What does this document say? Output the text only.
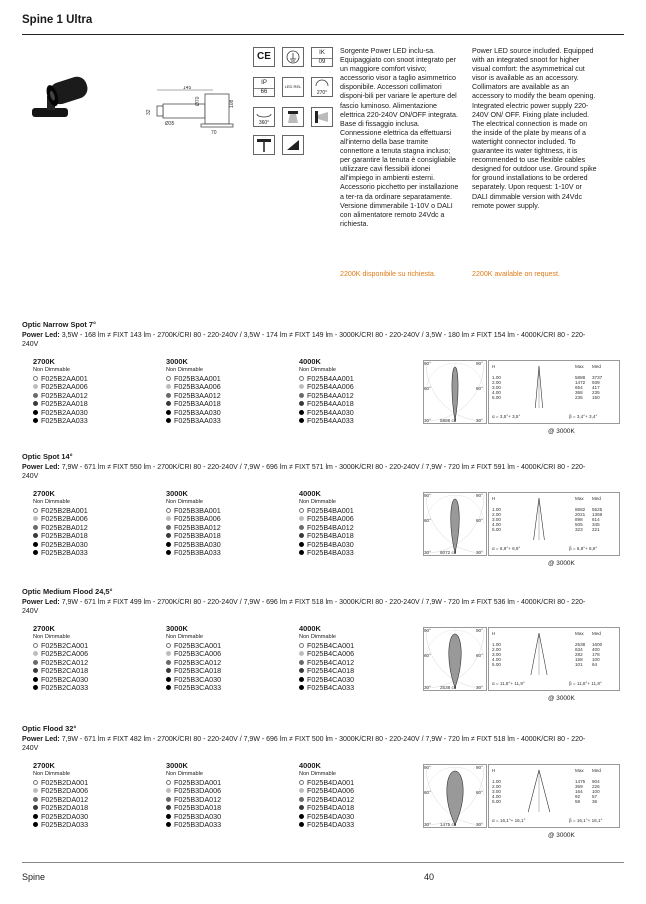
Spine 1 Ultra
145
32
Ø35
70
Ø70	108
CE	IK
09
IP
66
LED REL
270°
360°
Sorgente Power LED inclu-sa. Equipaggiato con snoot integrato per un maggiore comfort visivo; accessorio visor a taglio asimmetrico disponibile. Accessori collimatori disponi-bili per variare le aperture del fascio luminoso. Alimentazione elettrica 220-240V ON/OFF integrata. Base di fissaggio inclusa. Connessione elettrica da effettuarsi all'interno della base tramite connettore a tenuta stagna incluso; per garantire la tenuta è consigliabile utilizzare cavi flessibili idonei all'impiego in ambienti esterni. Accessorio picchetto per installazione a ter-ra da ordinare separatamente. Versione dimmerabile 1-10V o DALI con alimentatore remoto 24Vdc a richiesta.
2200K disponibile su richiesta.
Power LED source included. Equipped with an integrated snoot for higher visual comfort: the asymmetrical cut visor is available as an accessory. Collimators are available as an accessory to modify the beam opening. Integrated electric power supply 220-240V ON/ OFF. Fixing plate included. The electrical connection is made on the inside of the plate by means of a watertight connector included. To guarantee its water tightness, it is recommended to use flexible cables designed for outdoor use. Ground spike for ground installations to be ordered separately. Upon request: 1-10V or DALI dimmable version with 24Vdc remote power supply.
2200K available on request.
Optic Narrow Spot 7°
Power Led: 3,5W - 168 lm ≠ FIXT 143 lm - 2700K/CRI 80 - 220-240V / 3,5W - 174 lm ≠ FIXT 149 lm - 3000K/CRI 80 - 220-240V / 3,5W - 180 lm ≠ FIXT 154 lm - 4000K/CRI 80 - 220-240V
2700K
Non Dimmable
F025B2AA001
F025B2AA006
F025B2AA012
F025B2AA018
F025B2AA030
F025B2AA033
3000K
Non Dimmable
F025B3AA001
F025B3AA006
F025B3AA012
F025B3AA018
F025B3AA030
F025B3AA033
4000K
Non Dimmable
F025B4AA001
F025B4AA006
F025B4AA012
F025B4AA018
F025B4AA030
F025B4AA033
90°	90°
60°	60°
30°	30°
5888 cd
H	Max Med
1.00	5888 3737
2.00	1472 939
3.00	654 417
4.00	368 235
5.00	236 150
α = 3,5°+ 3,5°	β = 3,4°+ 3,4°
@ 3000K
Optic Spot 14°
Power Led: 7,9W - 671 lm ≠ FIXT 550 lm - 2700K/CRI 80 - 220-240V / 7,9W - 696 lm ≠ FIXT 571 lm - 3000K/CRI 80 - 220-240V / 7,9W - 720 lm ≠ FIXT 591 lm - 4000K/CRI 80 - 220-240V
2700K
Non Dimmable
F025B2BA001
F025B2BA006
F025B2BA012
F025B2BA018
F025B2BA030
F025B2BA033
3000K
Non Dimmable
F025B3BA001
F025B3BA006
F025B3BA012
F025B3BA018
F025B3BA030
F025B3BA033
4000K
Non Dimmable
F025B4BA001
F025B4BA006
F025B4BA012
F025B4BA018
F025B4BA030
F025B4BA033
90°	90°
60°	60°
30°	30°
8072 cd
H	Max Med
1.00	8682 5525
2.00	2021 1369
3.00	898 614
4.00	505 345
5.00	323 221
α = 6,9°+ 6,9°	β = 6,8°+ 6,8°
@ 3000K
Optic Medium Flood 24,5°
Power Led: 7,9W - 671 lm ≠ FIXT 499 lm - 2700K/CRI 80 - 220-240V / 7,9W - 696 lm ≠ FIXT 518 lm - 3000K/CRI 80 - 220-240V / 7,9W - 720 lm ≠ FIXT 536 lm - 4000K/CRI 80 - 220-240V
2700K
Non Dimmable
F025B2CA001
F025B2CA006
F025B2CA012
F025B2CA018
F025B2CA030
F025B2CA033
3000K
Non Dimmable
F025B3CA001
F025B3CA006
F025B3CA012
F025B3CA018
F025B3CA030
F025B3CA033
4000K
Non Dimmable
F025B4CA001
F025B4CA006
F025B4CA012
F025B4CA018
F025B4CA030
F025B4CA033
90°	90°
60°	60°
30°	30°
2538 cd
H	Max Med
1.00	2538 1600
2.00	634 400
3.00	282 178
4.00	158 100
5.00	101 64
α = 11,8°+ 11,9°	β = 11,8°+ 11,8°
@ 3000K
Optic Flood 32°
Power Led: 7,9W - 671 lm ≠ FIXT 482 lm - 2700K/CRI 80 - 220-240V / 7,9W - 696 lm ≠ FIXT 500 lm - 3000K/CRI 80 - 220-240V / 7,9W - 720 lm ≠ FIXT 518 lm - 4000K/CRI 80 - 220-240V
2700K
Non Dimmable
F025B2DA001
F025B2DA006
F025B2DA012
F025B2DA018
F025B2DA030
F025B2DA033
3000K
Non Dimmable
F025B3DA001
F025B3DA006
F025B3DA012
F025B3DA018
F025B3DA030
F025B3DA033
4000K
Non Dimmable
F025B4DA001
F025B4DA006
F025B4DA012
F025B4DA018
F025B4DA030
F025B4DA033
90°	90°
60°	60°
30°	30°
1475 cd
H	Max Med
1.00	1475 904
2.00	369 226
3.00	164 100
4.00	92	57
5.00	59	36
α = 16,1°+ 16,1°	β = 16,1°+ 16,1°
@ 3000K
Spine	40
